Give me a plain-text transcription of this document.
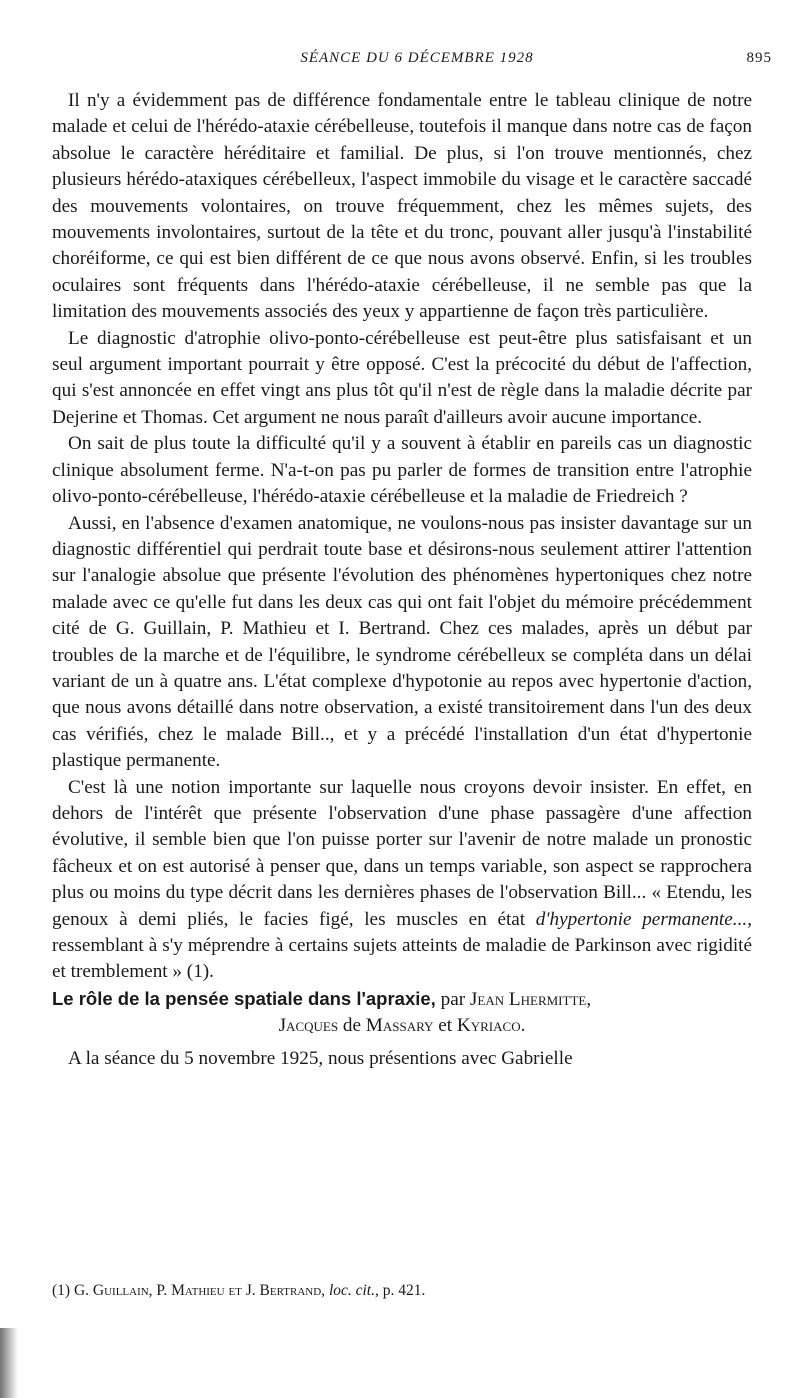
SÉANCE DU 6 DÉCEMBRE 1928	895

Il n'y a évidemment pas de différence fondamentale entre le tableau clinique de notre malade et celui de l'hérédo-ataxie cérébelleuse, toutefois il manque dans notre cas de façon absolue le caractère héréditaire et familial. De plus, si l'on trouve mentionnés, chez plusieurs hérédo-ataxiques cérébelleux, l'aspect immobile du visage et le caractère saccadé des mouvements volontaires, on trouve fréquemment, chez les mêmes sujets, des mouvements involontaires, surtout de la tête et du tronc, pouvant aller jusqu'à l'instabilité choréiforme, ce qui est bien différent de ce que nous avons observé. Enfin, si les troubles oculaires sont fréquents dans l'hérédo-ataxie cérébelleuse, il ne semble pas que la limitation des mouvements associés des yeux y appartienne de façon très particulière.

Le diagnostic d'atrophie olivo-ponto-cérébelleuse est peut-être plus satisfaisant et un seul argument important pourrait y être opposé. C'est la précocité du début de l'affection, qui s'est annoncée en effet vingt ans plus tôt qu'il n'est de règle dans la maladie décrite par Dejerine et Thomas. Cet argument ne nous paraît d'ailleurs avoir aucune importance.

On sait de plus toute la difficulté qu'il y a souvent à établir en pareils cas un diagnostic clinique absolument ferme. N'a-t-on pas pu parler de formes de transition entre l'atrophie olivo-ponto-cérébelleuse, l'hérédo-ataxie cérébelleuse et la maladie de Friedreich ?

Aussi, en l'absence d'examen anatomique, ne voulons-nous pas insister davantage sur un diagnostic différentiel qui perdrait toute base et désirons-nous seulement attirer l'attention sur l'analogie absolue que présente l'évolution des phénomènes hypertoniques chez notre malade avec ce qu'elle fut dans les deux cas qui ont fait l'objet du mémoire précédemment cité de G. Guillain, P. Mathieu et I. Bertrand. Chez ces malades, après un début par troubles de la marche et de l'équilibre, le syndrome cérébelleux se compléta dans un délai variant de un à quatre ans. L'état complexe d'hypotonie au repos avec hypertonie d'action, que nous avons détaillé dans notre observation, a existé transitoirement dans l'un des deux cas vérifiés, chez le malade Bill.., et y a précédé l'installation d'un état d'hypertonie plastique permanente.

C'est là une notion importante sur laquelle nous croyons devoir insister. En effet, en dehors de l'intérêt que présente l'observation d'une phase passagère d'une affection évolutive, il semble bien que l'on puisse porter sur l'avenir de notre malade un pronostic fâcheux et on est autorisé à penser que, dans un temps variable, son aspect se rapprochera plus ou moins du type décrit dans les dernières phases de l'observation Bill... « Etendu, les genoux à demi pliés, le facies figé, les muscles en état d'hypertonie permanente..., ressemblant à s'y méprendre à certains sujets atteints de maladie de Parkinson avec rigidité et tremblement » (1).

Le rôle de la pensée spatiale dans l'apraxie, par Jean Lhermitte,
Jacques de Massary et Kyriaco.

A la séance du 5 novembre 1925, nous présentions avec Gabrielle

(1) G. Guillain, P. Mathieu et J. Bertrand, loc. cit., p. 421.
